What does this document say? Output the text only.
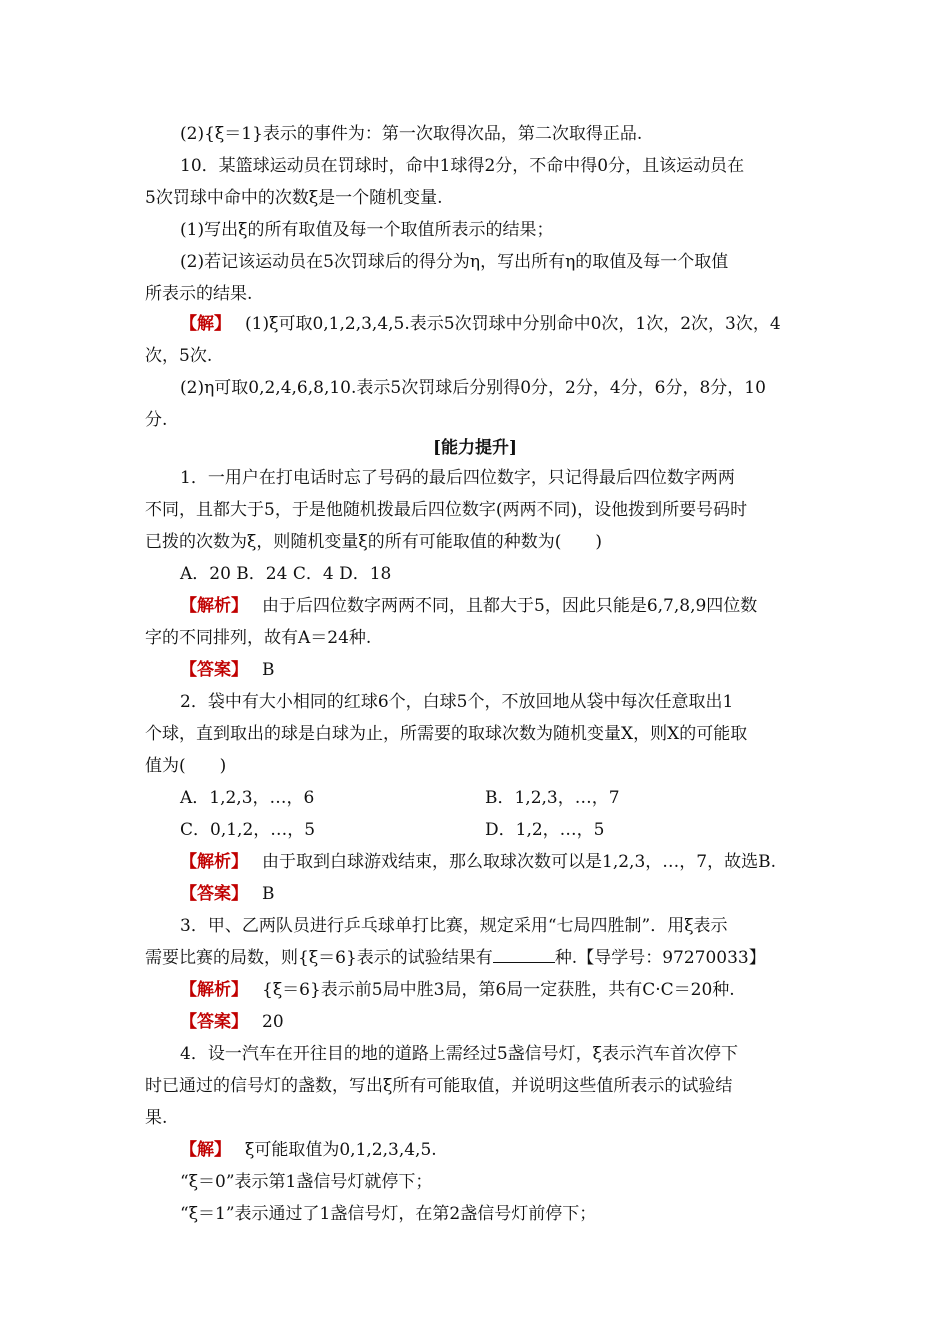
(2){ξ＝1}表示的事件为：第一次取得次品，第二次取得正品.
10．某篮球运动员在罚球时，命中1球得2分，不命中得0分，且该运动员在
5次罚球中命中的次数ξ是一个随机变量.
(1)写出ξ的所有取值及每一个取值所表示的结果；
(2)若记该运动员在5次罚球后的得分为η，写出所有η的取值及每一个取值
所表示的结果.
【解】 (1)ξ可取0,1,2,3,4,5.表示5次罚球中分别命中0次，1次，2次，3次，4
次，5次.
(2)η可取0,2,4,6,8,10.表示5次罚球后分别得0分，2分，4分，6分，8分，10
分.
[能力提升]
1．一用户在打电话时忘了号码的最后四位数字，只记得最后四位数字两两
不同，且都大于5，于是他随机拨最后四位数字(两两不同)，设他拨到所要号码时
已拨的次数为ξ，则随机变量ξ的所有可能取值的种数为(　　)
A．20 B．24 C．4 D．18
【解析】 由于后四位数字两两不同，且都大于5，因此只能是6,7,8,9四位数
字的不同排列，故有A＝24种.
【答案】 B
2．袋中有大小相同的红球6个，白球5个，不放回地从袋中每次任意取出1
个球，直到取出的球是白球为止，所需要的取球次数为随机变量X，则X的可能取
值为(　　)
A．1,2,3，…，6	B．1,2,3，…，7
C．0,1,2，…，5	D．1,2，…，5
【解析】 由于取到白球游戏结束，那么取球次数可以是1,2,3，…，7，故选B.
【答案】 B
3．甲、乙两队员进行乒乓球单打比赛，规定采用“七局四胜制”．用ξ表示
需要比赛的局数，则{ξ＝6}表示的试验结果有	种.【导学号：97270033】
【解析】 {ξ＝6}表示前5局中胜3局，第6局一定获胜，共有C·C＝20种.
【答案】 20
4．设一汽车在开往目的地的道路上需经过5盏信号灯，ξ表示汽车首次停下
时已通过的信号灯的盏数，写出ξ所有可能取值，并说明这些值所表示的试验结
果.
【解】 ξ可能取值为0,1,2,3,4,5.
“ξ＝0”表示第1盏信号灯就停下；
“ξ＝1”表示通过了1盏信号灯，在第2盏信号灯前停下；
